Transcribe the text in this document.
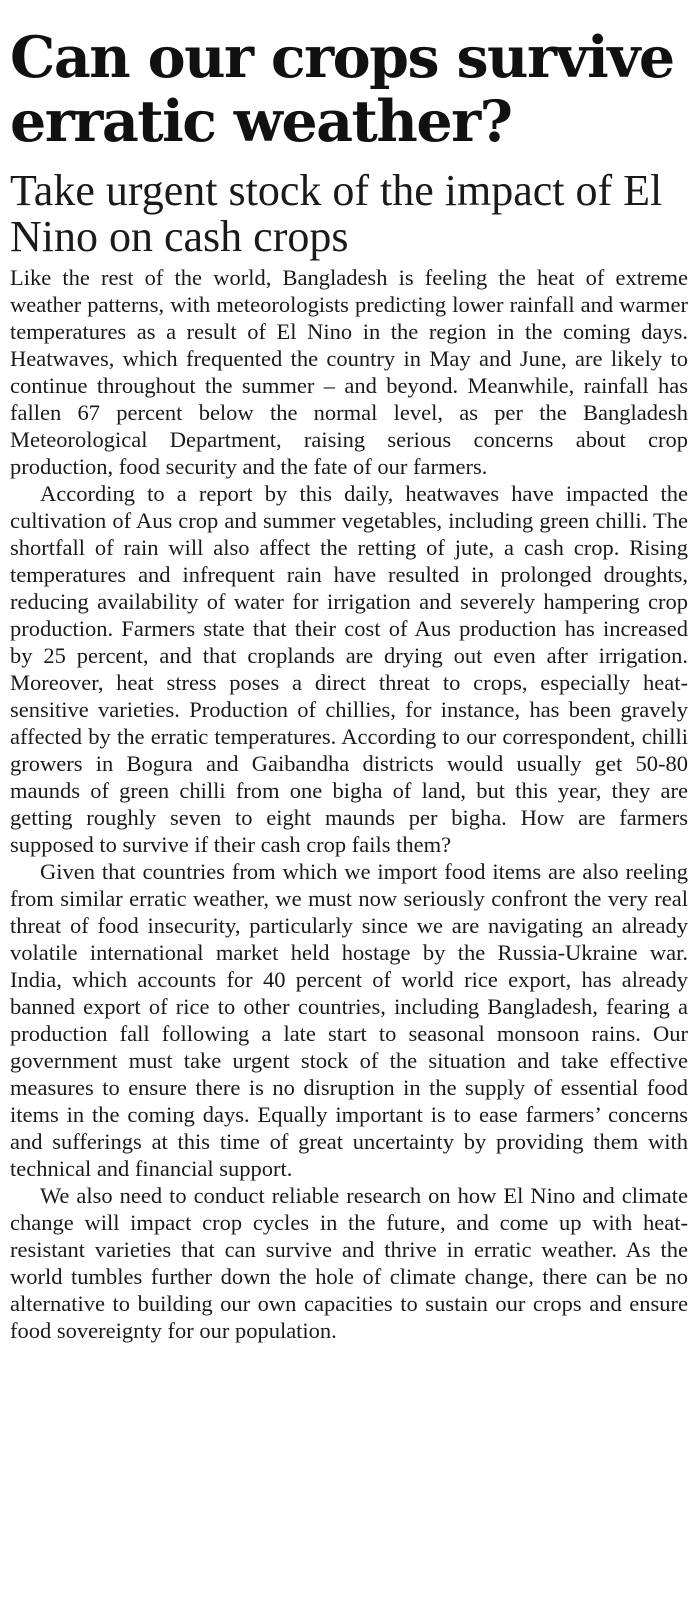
Can our crops survive erratic weather?
Take urgent stock of the impact of El Nino on cash crops

Like the rest of the world, Bangladesh is feeling the heat of extreme weather patterns, with meteorologists predicting lower rainfall and warmer temperatures as a result of El Nino in the region in the coming days. Heatwaves, which frequented the country in May and June, are likely to continue throughout the summer – and beyond. Meanwhile, rainfall has fallen 67 percent below the normal level, as per the Bangladesh Meteorological Department, raising serious concerns about crop production, food security and the fate of our farmers.

According to a report by this daily, heatwaves have impacted the cultivation of Aus crop and summer vegetables, including green chilli. The shortfall of rain will also affect the retting of jute, a cash crop. Rising temperatures and infrequent rain have resulted in prolonged droughts, reducing availability of water for irrigation and severely hampering crop production. Farmers state that their cost of Aus production has increased by 25 percent, and that croplands are drying out even after irrigation. Moreover, heat stress poses a direct threat to crops, especially heat-sensitive varieties. Production of chillies, for instance, has been gravely affected by the erratic temperatures. According to our correspondent, chilli growers in Bogura and Gaibandha districts would usually get 50-80 maunds of green chilli from one bigha of land, but this year, they are getting roughly seven to eight maunds per bigha. How are farmers supposed to survive if their cash crop fails them?

Given that countries from which we import food items are also reeling from similar erratic weather, we must now seriously confront the very real threat of food insecurity, particularly since we are navigating an already volatile international market held hostage by the Russia-Ukraine war. India, which accounts for 40 percent of world rice export, has already banned export of rice to other countries, including Bangladesh, fearing a production fall following a late start to seasonal monsoon rains. Our government must take urgent stock of the situation and take effective measures to ensure there is no disruption in the supply of essential food items in the coming days. Equally important is to ease farmers’ concerns and sufferings at this time of great uncertainty by providing them with technical and financial support.

We also need to conduct reliable research on how El Nino and climate change will impact crop cycles in the future, and come up with heat-resistant varieties that can survive and thrive in erratic weather. As the world tumbles further down the hole of climate change, there can be no alternative to building our own capacities to sustain our crops and ensure food sovereignty for our population.
